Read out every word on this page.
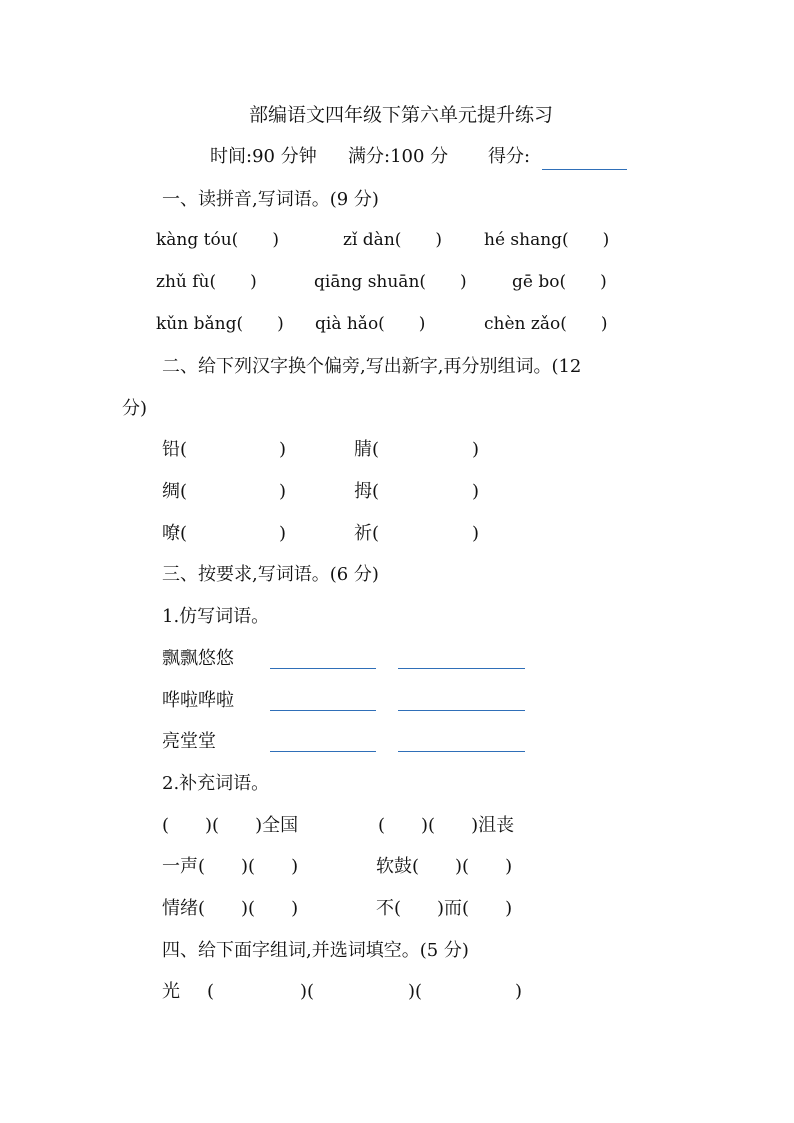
部编语文四年级下第六单元提升练习
时间:90 分钟 满分:100 分 得分:
一、读拼音,写词语。(9 分)
kàng tóu(　　)	zǐ dàn(　　) hé shang(　　)
zhǔ fù(　　)	qiāng shuān(　　)	gē bo(　　)
kǔn bǎng(　　) qià hǎo(　　)	chèn zǎo(　　)
二、给下列汉字换个偏旁,写出新字,再分别组词。(12
分)
铅(	)	腈(	)
绸(	)	拇(	)
嘹(	)	祈(	)
三、按要求,写词语。(6 分)
1.仿写词语。
飘飘悠悠
哗啦哗啦
亮堂堂
2.补充词语。
(　　)(　　)全国	(　　)(　　)沮丧
一声(　　)(　　)	软鼓(　　)(　　)
情绪(　　)(　　)	不(　　)而(　　)
四、给下面字组词,并选词填空。(5 分)
光 (	)(	)(	)
